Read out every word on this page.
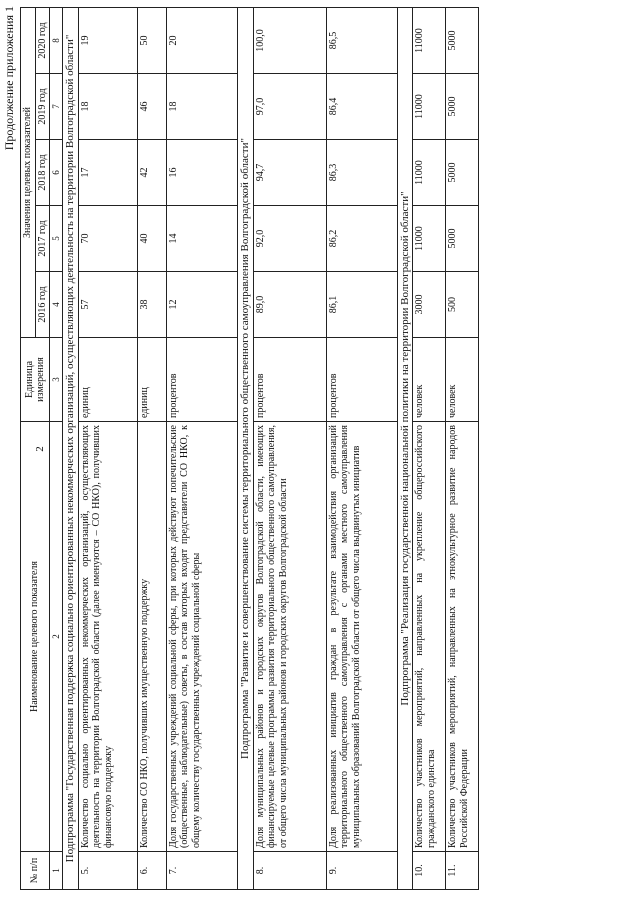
2
Продолжение приложения 1
№ п/п	Наименование целевого показателя	Единица измерения	Значения целевых показателей				
			2016 год	2017 год	2018 год	2019 год	2020 год
1	2	3	4	5	6	7	8
Подпрограмма "Государственная поддержка социально ориентированных некоммерческих организаций, осуществляющих деятельность на территории Волгоградской области"							
5.	Количество социально ориентированных некоммерческих организаций, осуществляющих деятельность на территории Волгоградской области (далее именуются – СО НКО), получивших финансовую поддержку	единиц	57	70	17	18	19
6.	Количество СО НКО, получивших имущественную поддержку	единиц	38	40	42	46	50
7.	Доля государственных учреждений социальной сферы, при которых действуют попечительские (общественные, наблюдательные) советы, в состав которых входят представители СО НКО, к общему количеству государственных учреждений социальной сферы	процентов	12	14	16	18	20
Подпрограмма "Развитие и совершенствование системы территориального общественного самоуправления Волгоградской области"							
8.	Доля муниципальных районов и городских округов Волгоградской области, имеющих финансируемые целевые программы развития территориального общественного самоуправления, от общего числа муниципальных районов и городских округов Волгоградской области	процентов	89,0	92,0	94,7	97,0	100,0
9.	Доля реализованных инициатив граждан в результате взаимодействия организаций территориального общественного самоуправления с органами местного самоуправления муниципальных образований Волгоградской области от общего числа выдвинутых инициатив	процентов	86,1	86,2	86,3	86,4	86,5
Подпрограмма "Реализация государственной национальной политики на территории Волгоградской области"							
10.	Количество участников мероприятий, направленных на укрепление общероссийского гражданского единства	человек	3000	11000	11000	11000	11000
11.	Количество участников мероприятий, направленных на этнокультурное развитие народов Российской Федерации	человек	500	5000	5000	5000	5000
